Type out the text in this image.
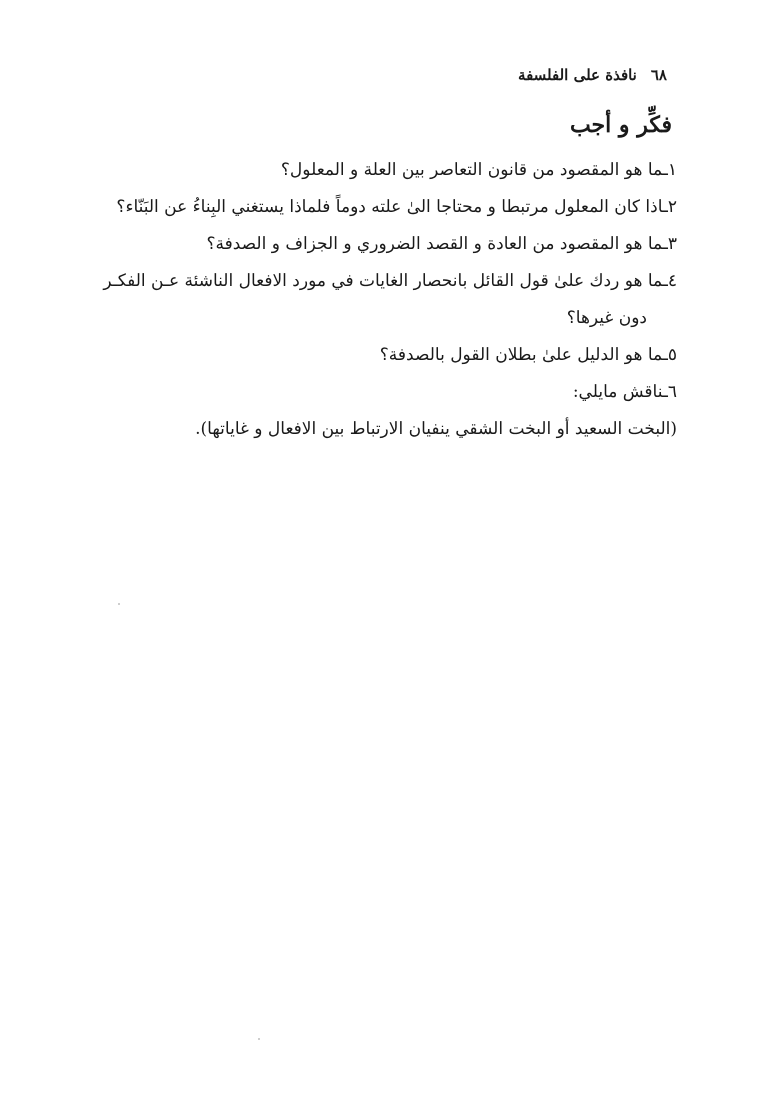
٦٨
نافذة على الفلسفة
فكِّر و أجب
١ـما هو المقصود من قانون التعاصر بين العلة و المعلول؟
٢ـاذا كان المعلول مرتبطا و محتاجا الىٰ علته دوماً فلماذا يستغني البِناءُ عن البَنّاء؟
٣ـما هو المقصود من العادة و القصد الضروري و الجزاف و الصدفة؟
٤ـما هو ردك علىٰ قول القائل بانحصار الغايات في مورد الافعال الناشئة عـن الفكـر
دون غيرها؟
٥ـما هو الدليل علىٰ بطلان القول بالصدفة؟
٦ـناقش مايلي:
(البخت السعيد أو البخت الشقي ينفيان الارتباط بين الافعال و غاياتها).
